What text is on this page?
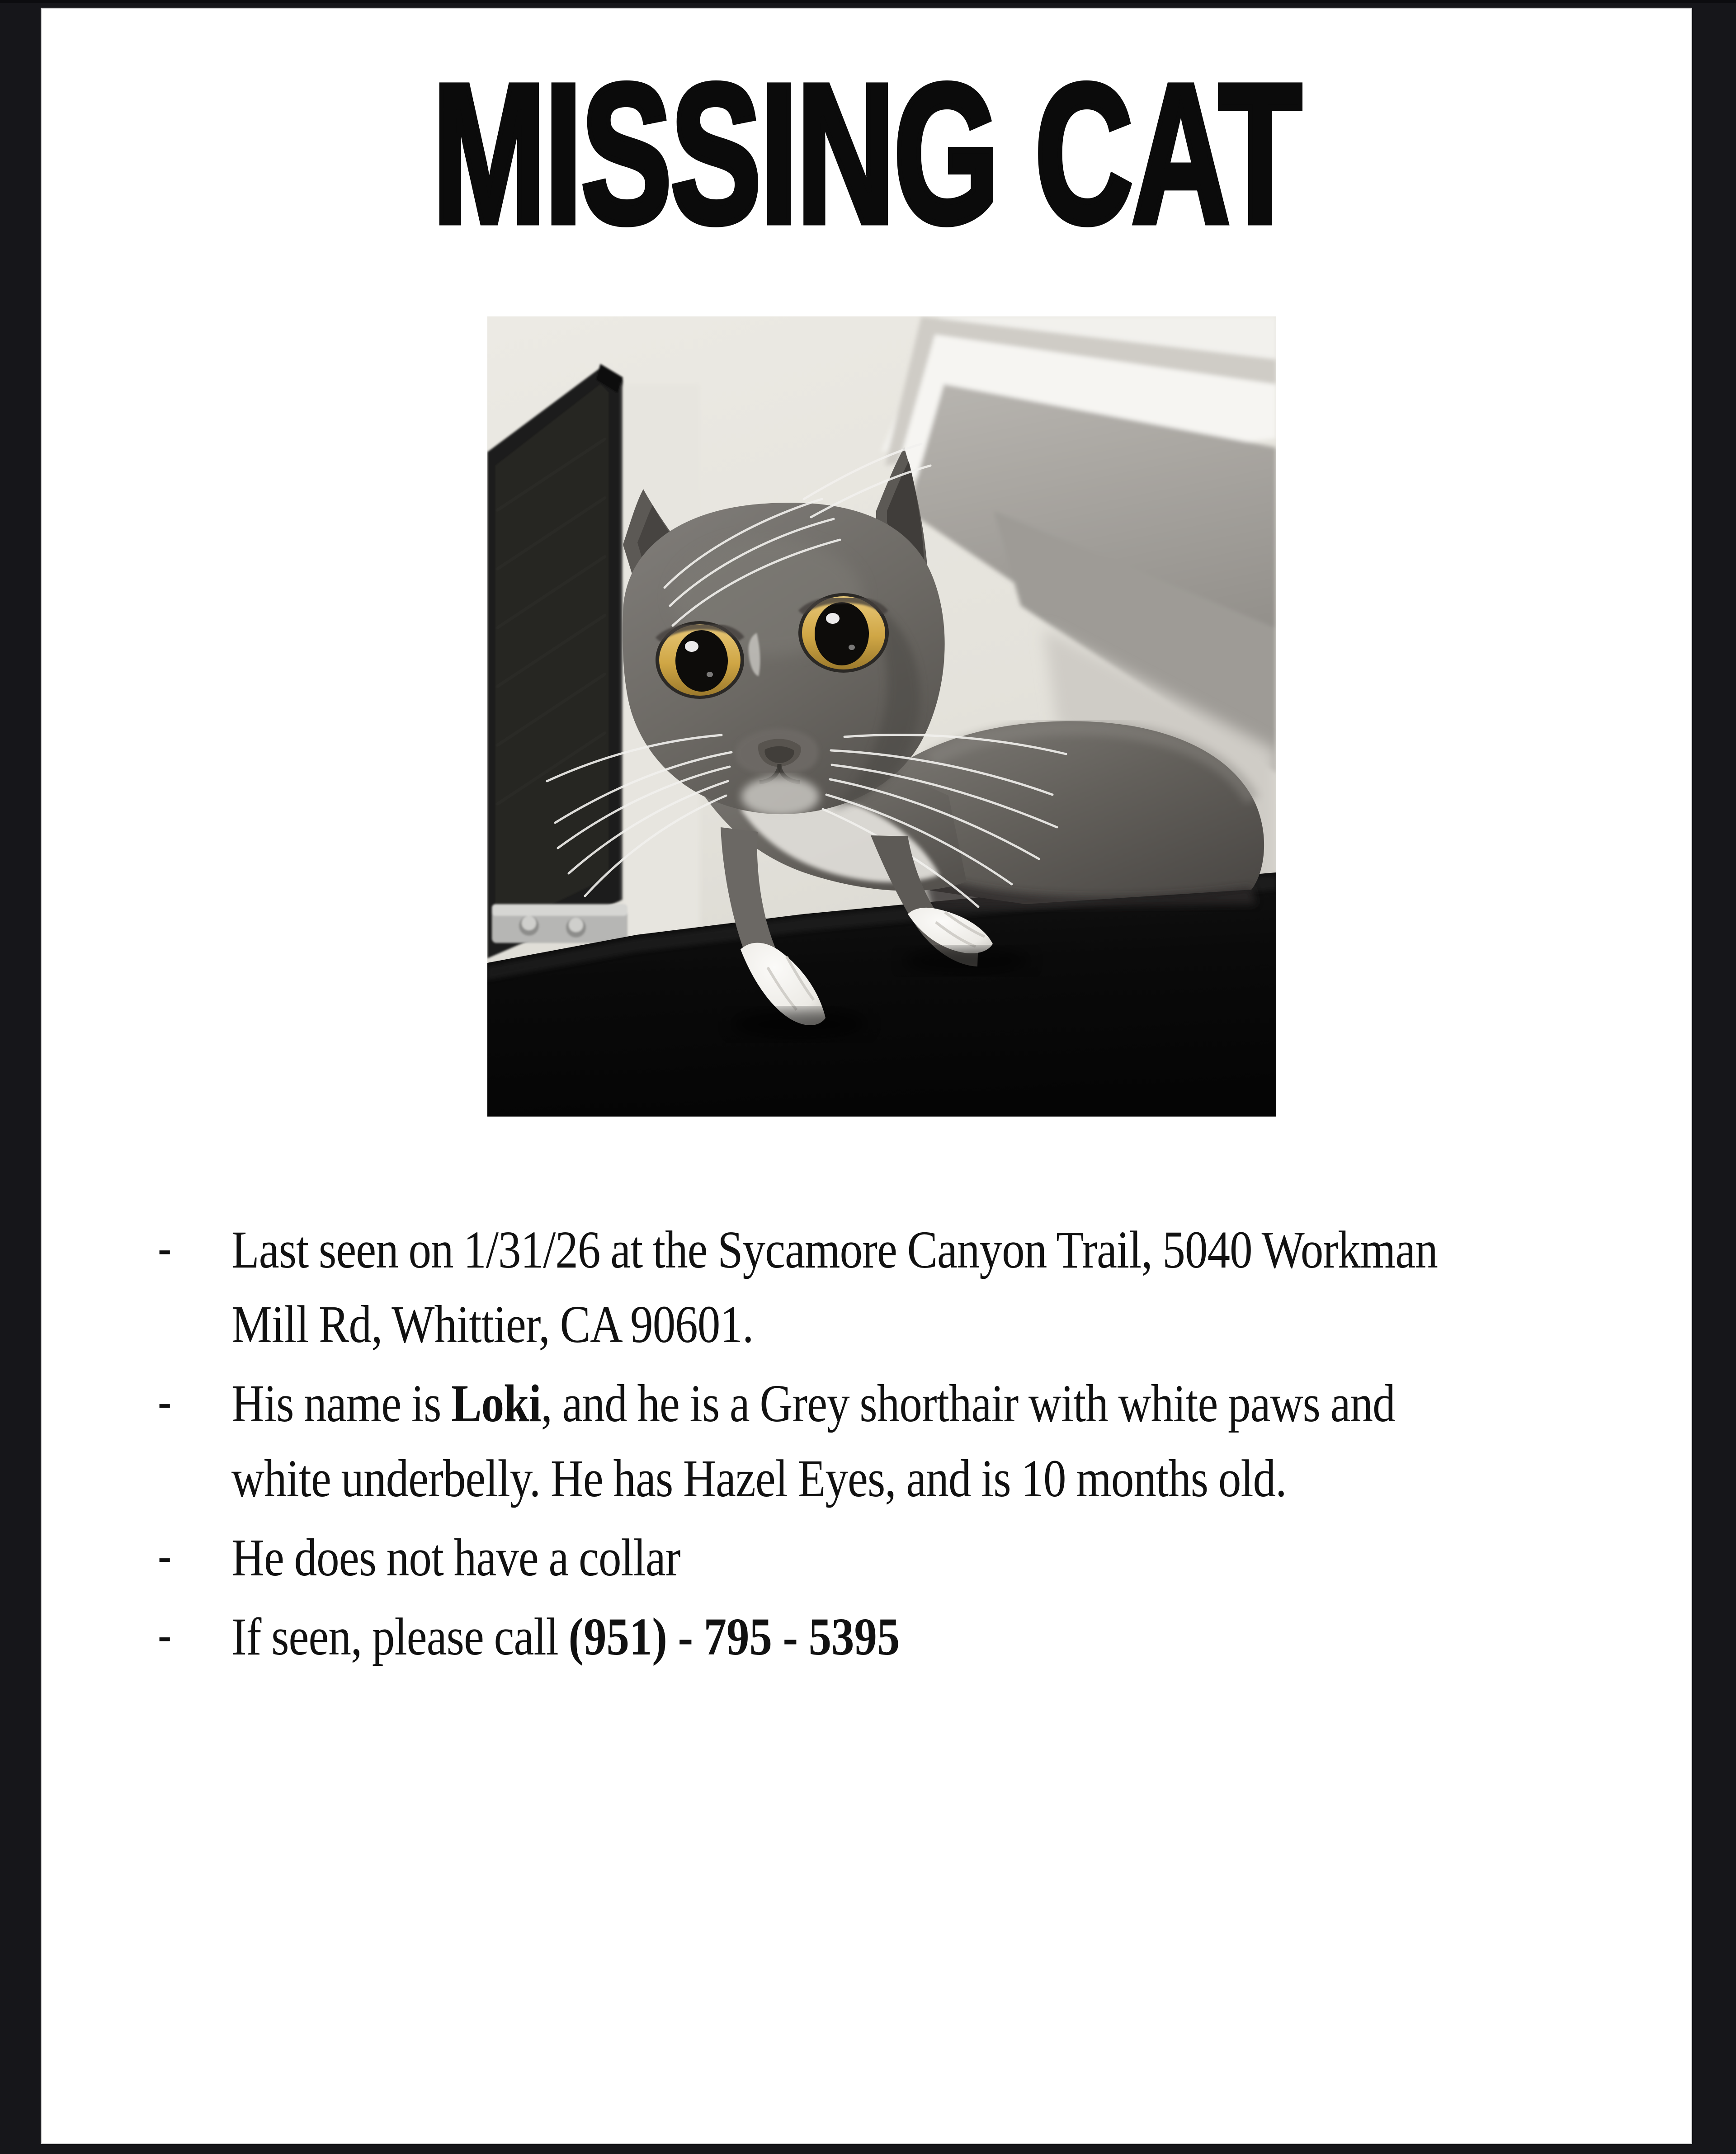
MISSING CAT
-	Last seen on 1/31/26 at the Sycamore Canyon Trail, 5040 Workman Mill Rd, Whittier, CA 90601.
-	His name is Loki, and he is a Grey shorthair with white paws and white underbelly. He has Hazel Eyes, and is 10 months old.
-	He does not have a collar
-	If seen, please call (951) - 795 - 5395
